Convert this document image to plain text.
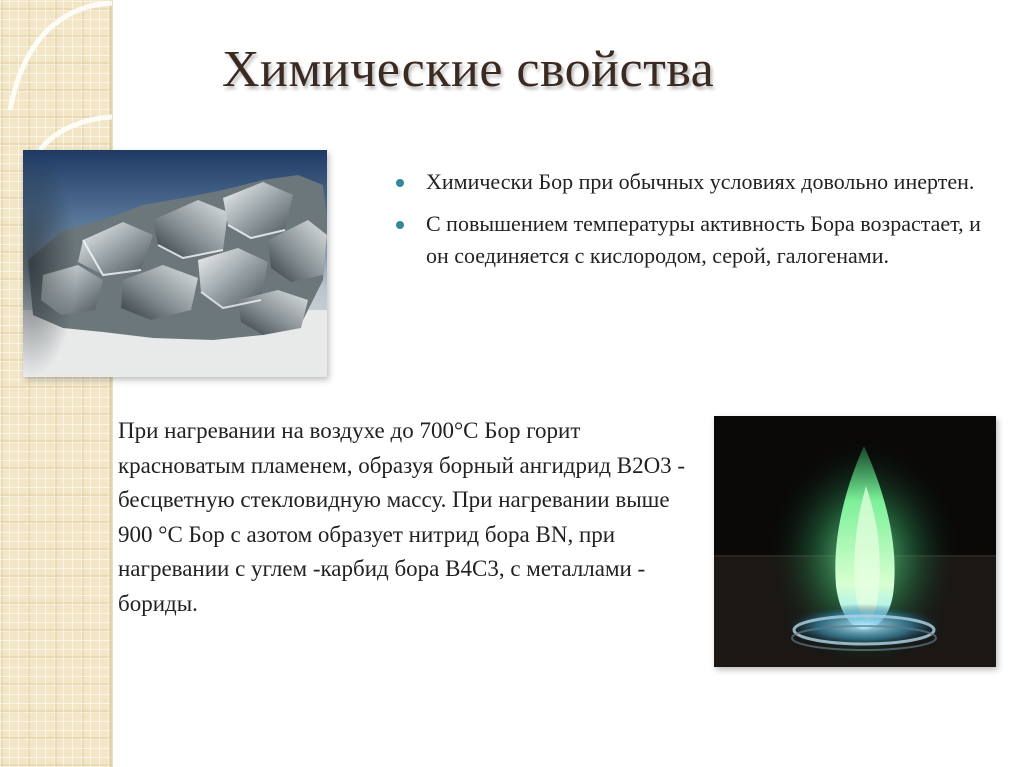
Химические свойства
Химически Бор при обычных условиях довольно инертен.
С повышением температуры активность Бора возрастает, и он соединяется с кислородом, серой, галогенами.

При нагревании на воздухе до 700°С Бор горит красноватым пламенем, образуя борный ангидрид B2O3 - бесцветную стекловидную массу. При нагревании выше 900 °С Бор с азотом образует нитрид бора BN, при нагревании с углем -карбид бора B4C3, с металлами - бориды.
